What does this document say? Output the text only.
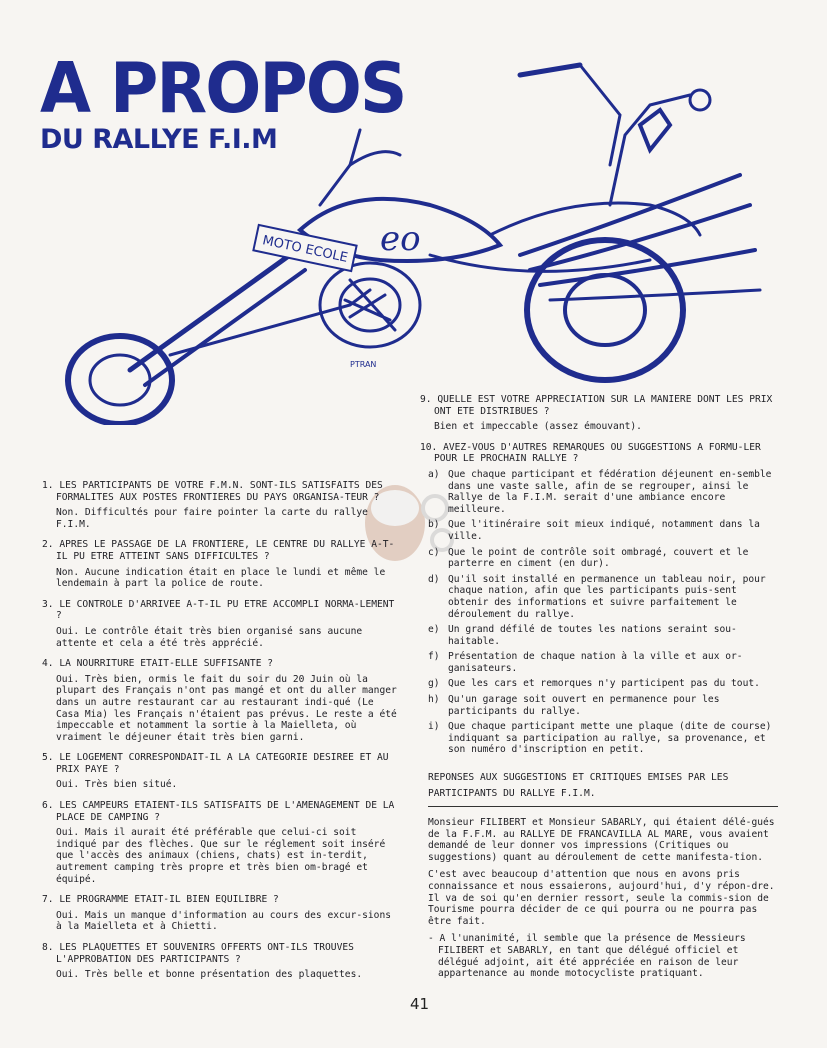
A PROPOS
DU RALLYE F.I.M
MOTO ECOLE eo
PTRAN

1. LES PARTICIPANTS DE VOTRE F.M.N. SONT-ILS SATISFAITS DES FORMALITES AUX POSTES FRONTIERES DU PAYS ORGANISA-TEUR ?

Non. Difficultés pour faire pointer la carte du rallye F.I.M.

2. APRES LE PASSAGE DE LA FRONTIERE, LE CENTRE DU RALLYE A-T-IL PU ETRE ATTEINT SANS DIFFICULTES ?

Non. Aucune indication était en place le lundi et même le lendemain à part la police de route.

3. LE CONTROLE D'ARRIVEE A-T-IL PU ETRE ACCOMPLI NORMA-LEMENT ?

Oui. Le contrôle était très bien organisé sans aucune attente et cela a été très apprécié.

4. LA NOURRITURE ETAIT-ELLE SUFFISANTE ?

Oui. Très bien, ormis le fait du soir du 20 Juin où la plupart des Français n'ont pas mangé et ont du aller manger dans un autre restaurant car au restaurant indi-qué (Le Casa Mia) les Français n'étaient pas prévus. Le reste a été impeccable et notamment la sortie à la Maielleta, où vraiment le déjeuner était très bien garni.

5. LE LOGEMENT CORRESPONDAIT-IL A LA CATEGORIE DESIREE ET AU PRIX PAYE ?

Oui. Très bien situé.

6. LES CAMPEURS ETAIENT-ILS SATISFAITS DE L'AMENAGEMENT DE LA PLACE DE CAMPING ?

Oui. Mais il aurait été préférable que celui-ci soit indiqué par des flèches. Que sur le réglement soit inséré que l'accès des animaux (chiens, chats) est in-terdit, autrement camping très propre et très bien om-bragé et équipé.

7. LE PROGRAMME ETAIT-IL BIEN EQUILIBRE ?

Oui. Mais un manque d'information au cours des excur-sions à la Maielleta et à Chietti.

8. LES PLAQUETTES ET SOUVENIRS OFFERTS ONT-ILS TROUVES L'APPROBATION DES PARTICIPANTS ?

Oui. Très belle et bonne présentation des plaquettes.

9. QUELLE EST VOTRE APPRECIATION SUR LA MANIERE DONT LES PRIX ONT ETE DISTRIBUES ?

Bien et impeccable (assez émouvant).

10. AVEZ-VOUS D'AUTRES REMARQUES OU SUGGESTIONS A FORMU-LER POUR LE PROCHAIN RALLYE ?

a) Que chaque participant et fédération déjeunent en-semble dans une vaste salle, afin de se regrouper, ainsi le Rallye de la F.I.M. serait d'une ambiance encore meilleure.
b) Que l'itinéraire soit mieux indiqué, notamment dans la ville.
c) Que le point de contrôle soit ombragé, couvert et le parterre en ciment (en dur).
d) Qu'il soit installé en permanence un tableau noir, pour chaque nation, afin que les participants puis-sent obtenir des informations et suivre parfaitement le déroulement du rallye.
e) Un grand défilé de toutes les nations seraint sou-haitable.
f) Présentation de chaque nation à la ville et aux or-ganisateurs.
g) Que les cars et remorques n'y participent pas du tout.
h) Qu'un garage soit ouvert en permanence pour les participants du rallye.
i) Que chaque participant mette une plaque (dite de course) indiquant sa participation au rallye, sa provenance, et son numéro d'inscription en petit.
REPONSES AUX SUGGESTIONS ET CRITIQUES EMISES PAR LES PARTICIPANTS DU RALLYE F.I.M.

Monsieur FILIBERT et Monsieur SABARLY, qui étaient délé-gués de la F.F.M. au RALLYE DE FRANCAVILLA AL MARE, vous avaient demandé de leur donner vos impressions (Critiques ou suggestions) quant au déroulement de cette manifesta-tion.

C'est avec beaucoup d'attention que nous en avons pris connaissance et nous essaierons, aujourd'hui, d'y répon-dre. Il va de soi qu'en dernier ressort, seule la commis-sion de Tourisme pourra décider de ce qui pourra ou ne pourra pas être fait.

- A l'unanimité, il semble que la présence de Messieurs FILIBERT et SABARLY, en tant que délégué officiel et délégué adjoint, ait été appréciée en raison de leur appartenance au monde motocycliste pratiquant.

41
